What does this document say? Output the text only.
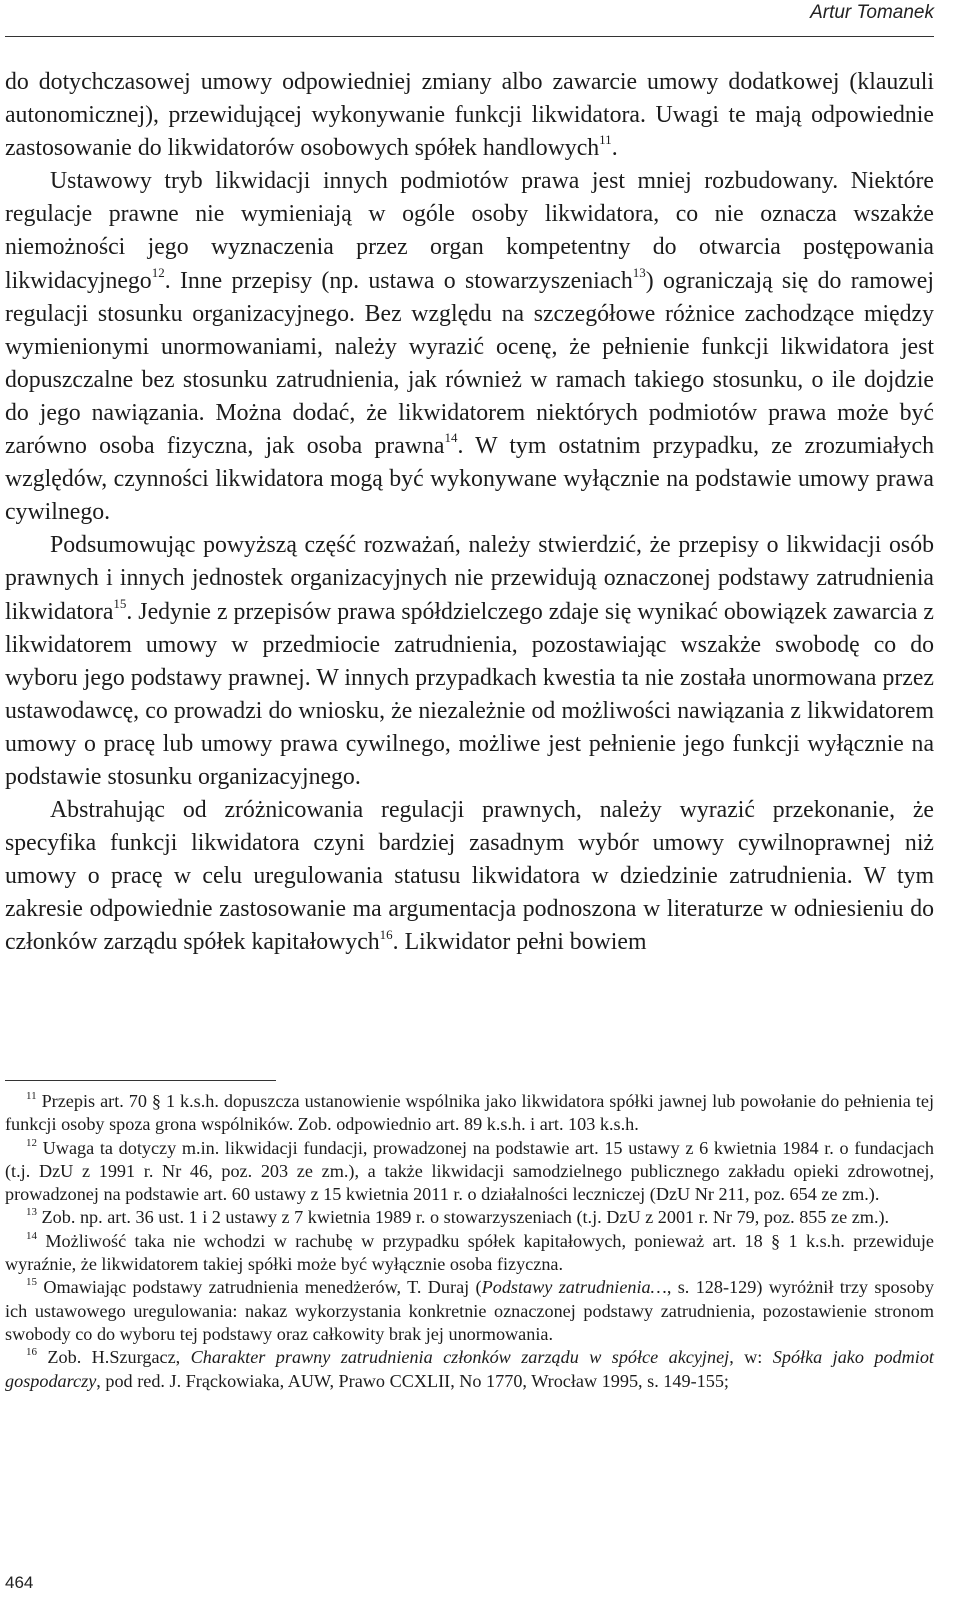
Artur Tomanek

do dotychczasowej umowy odpowiedniej zmiany albo zawarcie umowy dodatkowej (klauzuli autonomicznej), przewidującej wykonywanie funkcji likwidatora. Uwagi te mają odpowiednie zastosowanie do likwidatorów osobowych spółek handlowych$^{11}$.

Ustawowy tryb likwidacji innych podmiotów prawa jest mniej rozbudowany. Niektóre regulacje prawne nie wymieniają w ogóle osoby likwidatora, co nie oznacza wszakże niemożności jego wyznaczenia przez organ kompetentny do otwarcia postępowania likwidacyjnego$^{12}$. Inne przepisy (np. ustawa o stowarzyszeniach$^{13}$) ograniczają się do ramowej regulacji stosunku organizacyjnego. Bez względu na szczegółowe różnice zachodzące między wymienionymi unormowaniami, należy wyrazić ocenę, że pełnienie funkcji likwidatora jest dopuszczalne bez stosunku zatrudnienia, jak również w ramach takiego stosunku, o ile dojdzie do jego nawiązania. Można dodać, że likwidatorem niektórych podmiotów prawa może być zarówno osoba fizyczna, jak osoba prawna$^{14}$. W tym ostatnim przypadku, ze zrozumiałych względów, czynności likwidatora mogą być wykonywane wyłącznie na podstawie umowy prawa cywilnego.

Podsumowując powyższą część rozważań, należy stwierdzić, że przepisy o likwidacji osób prawnych i innych jednostek organizacyjnych nie przewidują oznaczonej podstawy zatrudnienia likwidatora$^{15}$. Jedynie z przepisów prawa spółdzielczego zdaje się wynikać obowiązek zawarcia z likwidatorem umowy w przedmiocie zatrudnienia, pozostawiając wszakże swobodę co do wyboru jego podstawy prawnej. W innych przypadkach kwestia ta nie została unormowana przez ustawodawcę, co prowadzi do wniosku, że niezależnie od możliwości nawiązania z likwidatorem umowy o pracę lub umowy prawa cywilnego, możliwe jest pełnienie jego funkcji wyłącznie na podstawie stosunku organizacyjnego.

Abstrahując od zróżnicowania regulacji prawnych, należy wyrazić przekonanie, że specyfika funkcji likwidatora czyni bardziej zasadnym wybór umowy cywilnoprawnej niż umowy o pracę w celu uregulowania statusu likwidatora w dziedzinie zatrudnienia. W tym zakresie odpowiednie zastosowanie ma argumentacja podnoszona w literaturze w odniesieniu do członków zarządu spółek kapitałowych$^{16}$. Likwidator pełni bowiem

$^{11}$ Przepis art. 70 § 1 k.s.h. dopuszcza ustanowienie wspólnika jako likwidatora spółki jawnej lub powołanie do pełnienia tej funkcji osoby spoza grona wspólników. Zob. odpowiednio art. 89 k.s.h. i art. 103 k.s.h.

$^{12}$ Uwaga ta dotyczy m.in. likwidacji fundacji, prowadzonej na podstawie art. 15 ustawy z 6 kwietnia 1984 r. o fundacjach (t.j. DzU z 1991 r. Nr 46, poz. 203 ze zm.), a także likwidacji samodzielnego publicznego zakładu opieki zdrowotnej, prowadzonej na podstawie art. 60 ustawy z 15 kwietnia 2011 r. o działalności leczniczej (DzU Nr 211, poz. 654 ze zm.).

$^{13}$ Zob. np. art. 36 ust. 1 i 2 ustawy z 7 kwietnia 1989 r. o stowarzyszeniach (t.j. DzU z 2001 r. Nr 79, poz. 855 ze zm.).

$^{14}$ Możliwość taka nie wchodzi w rachubę w przypadku spółek kapitałowych, ponieważ art. 18 § 1 k.s.h. przewiduje wyraźnie, że likwidatorem takiej spółki może być wyłącznie osoba fizyczna.

$^{15}$ Omawiając podstawy zatrudnienia menedżerów, T. Duraj (Podstawy zatrudnienia…, s. 128-129) wyróżnił trzy sposoby ich ustawowego uregulowania: nakaz wykorzystania konkretnie oznaczonej podstawy zatrudnienia, pozostawienie stronom swobody co do wyboru tej podstawy oraz całkowity brak jej unormowania.

$^{16}$ Zob. H.Szurgacz, Charakter prawny zatrudnienia członków zarządu w spółce akcyjnej, w: Spółka jako podmiot gospodarczy, pod red. J. Frąckowiaka, AUW, Prawo CCXLII, No 1770, Wrocław 1995, s. 149-155;

464
